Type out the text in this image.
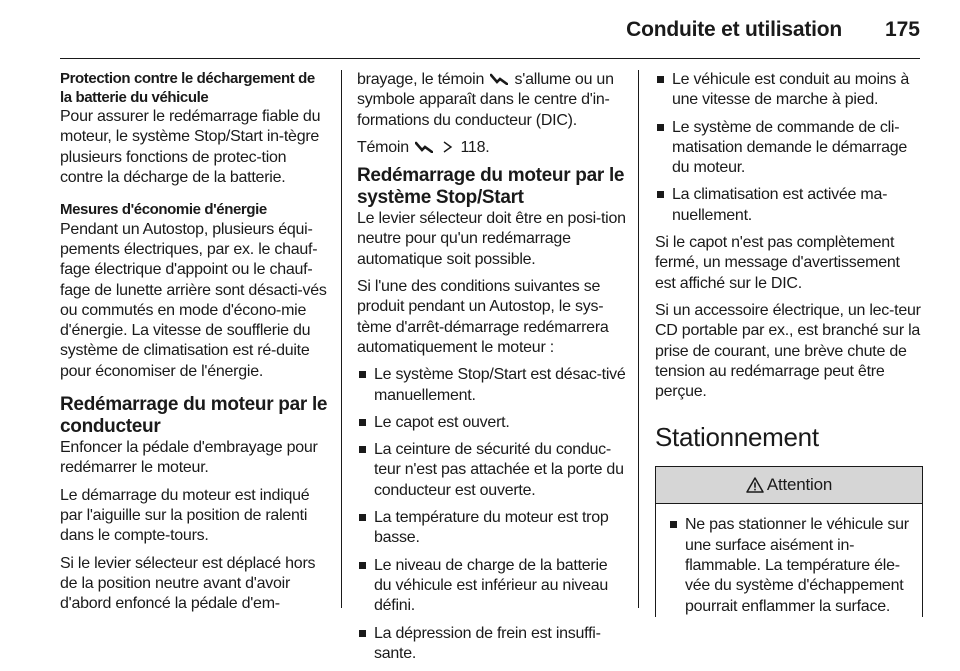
Conduite et utilisation 175
Protection contre le déchargement de la batterie du véhicule

Pour assurer le redémarrage fiable du moteur, le système Stop/Start in-tègre plusieurs fonctions de protec-tion contre la décharge de la batterie.

Mesures d'économie d'énergie

Pendant un Autostop, plusieurs équi-pements électriques, par ex. le chauf-fage électrique d'appoint ou le chauf-fage de lunette arrière sont désacti-vés ou commutés en mode d'écono-mie d'énergie. La vitesse de soufflerie du système de climatisation est ré-duite pour économiser de l'énergie.

Redémarrage du moteur par le conducteur

Enfoncer la pédale d'embrayage pour redémarrer le moteur.

Le démarrage du moteur est indiqué par l'aiguille sur la position de ralenti dans le compte-tours.

Si le levier sélecteur est déplacé hors de la position neutre avant d'avoir d'abord enfoncé la pédale d'em-

brayage, le témoin s'allume ou un symbole apparaît dans le centre d'in-formations du conducteur (DIC).

Témoin	118.

Redémarrage du moteur par le système Stop/Start

Le levier sélecteur doit être en posi-tion neutre pour qu'un redémarrage automatique soit possible.

Si l'une des conditions suivantes se produit pendant un Autostop, le sys-tème d'arrêt-démarrage redémarrera automatiquement le moteur :

Le système Stop/Start est désac-tivé manuellement.
Le capot est ouvert.
La ceinture de sécurité du conduc-teur n'est pas attachée et la porte du conducteur est ouverte.
La température du moteur est trop basse.
Le niveau de charge de la batterie du véhicule est inférieur au niveau défini.
La dépression de frein est insuffi-sante.
Le véhicule est conduit au moins à une vitesse de marche à pied.
Le système de commande de cli-matisation demande le démarrage du moteur.
La climatisation est activée ma-nuellement.

Si le capot n'est pas complètement fermé, un message d'avertissement est affiché sur le DIC.

Si un accessoire électrique, un lec-teur CD portable par ex., est branché sur la prise de courant, une brève chute de tension au redémarrage peut être perçue.

Stationnement
Attention
Ne pas stationner le véhicule sur une surface aisément in-flammable. La température éle-vée du système d'échappement pourrait enflammer la surface.
